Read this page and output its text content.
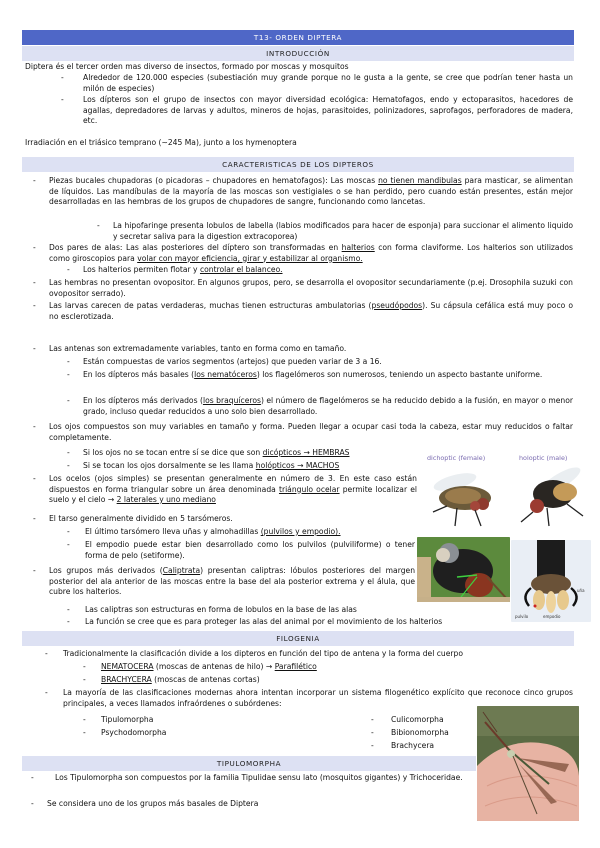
T13- ORDEN DIPTERA
INTRODUCCIÓN
Diptera és el tercer orden mas diverso de insectos, formado por moscas y mosquitos
-	Alrededor de 120.000 especies (subestiación muy grande porque no le gusta a la gente, se cree que podrían tener hasta un milón de especies)
-	Los dípteros son el grupo de insectos con mayor diversidad ecológica: Hematofagos, endo y ectoparasitos, hacedores de agallas, depredadores de larvas y adultos, mineros de hojas, parasitoides, polinizadores, saprofagos, perforadores de madera, etc.
Irradiación en el triásico temprano (~245 Ma), junto a los hymenoptera
CARACTERISTICAS DE LOS DIPTEROS
- Piezas bucales chupadoras (o picadoras – chupadores en hematofagos): Las moscas no tienen mandibulas para masticar, se alimentan de líquidos. Las mandíbulas de la mayoría de las moscas son vestigiales o se han perdido, pero cuando están presentes, están mejor desarrolladas en las hembras de los grupos de chupadores de sangre, funcionando como lancetas.
- La hipofaringe presenta lobulos de labella (labios modificados para hacer de esponja) para succionar el alimento liquido y secretar saliva para la digestion extracoporea)
- Dos pares de alas: Las alas posteriores del díptero son transformadas en halterios con forma claviforme. Los halterios son utilizados como giroscopios para volar con mayor eficiencia, girar y estabilizar al organismo.
- Los halterios permiten flotar y controlar el balanceo.
- Las hembras no presentan ovopositor. En algunos grupos, pero, se desarrolla el ovopositor secundariamente (p.ej. Drosophila suzuki con ovopositor serrado).
- Las larvas carecen de patas verdaderas, muchas tienen estructuras ambulatorias (pseudópodos). Su cápsula cefálica está muy poco o no esclerotizada.
- Las antenas son extremadamente variables, tanto en forma como en tamaño.
- Están compuestas de varios segmentos (artejos) que pueden variar de 3 a 16.
- En los dípteros más basales (los nematóceros) los flagelómeros son numerosos, teniendo un aspecto bastante uniforme.
- En los dípteros más derivados (los braquíceros) el número de flagelómeros se ha reducido debido a la fusión, en mayor o menor grado, incluso quedar reducidos a uno solo bien desarrollado.
- Los ojos compuestos son muy variables en tamaño y forma. Pueden llegar a ocupar casi toda la cabeza, estar muy reducidos o faltar completamente.
- Si los ojos no se tocan entre sí se dice que son dicópticos → HEMBRAS
- Si se tocan los ojos dorsalmente se les llama holópticos → MACHOS
- Los ocelos (ojos simples) se presentan generalmente en número de 3. En este caso están dispuestos en forma triangular sobre un área denominada triángulo ocelar permite localizar el suelo y el cielo → 2 laterales y uno mediano
- El tarso generalmente dividido en 5 tarsómeros.
- El último tarsómero lleva uñas y almohadillas (pulvilos y empodio).
- El empodio puede estar bien desarrollado como los pulvilos (pulviliforme) o tener forma de pelo (setiforme).
- Los grupos más derivados (Caliptrata) presentan caliptras: lóbulos posteriores del margen posterior del ala anterior de las moscas entre la base del ala posterior extrema y el álula, que cubre los halterios.
- Las caliptras son estructuras en forma de lobulos en la base de las alas
- La función se cree que es para proteger las alas del animal por el movimiento de los halterios
dichoptic (female)	holoptic (male)
pulvilo	empodio
uña
FILOGENIA
- Tradicionalmente la clasificación divide a los dipteros en función del tipo de antena y la forma del cuerpo
- NEMATOCERA (moscas de antenas de hilo) → Parafilético
- BRACHYCERA (moscas de antenas cortas)
- La mayoría de las clasificaciones modernas ahora intentan incorporar un sistema filogenético explícito que reconoce cinco grupos principales, a veces llamados infraórdenes o subórdenes:
- Tipulomorpha
- Psychodomorpha
- Culicomorpha
- Bibionomorpha
- Brachycera
TIPULOMORPHA
-	Los Tipulomorpha son compuestos por la familia Tipulidae sensu lato (mosquitos gigantes) y Trichoceridae.
- Se considera uno de los grupos más basales de Diptera
